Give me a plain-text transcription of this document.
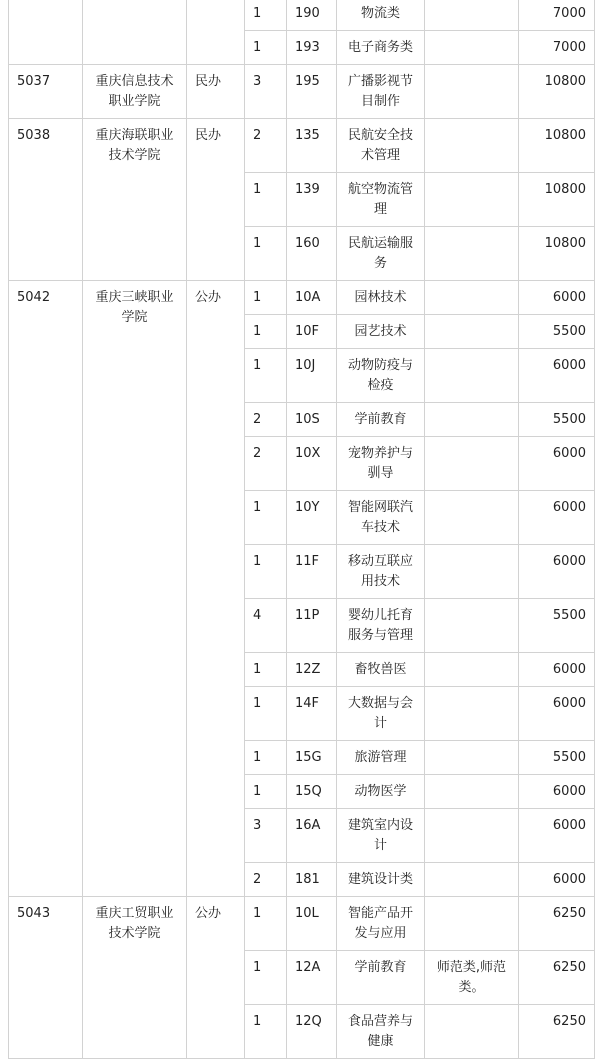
			1	190	物流类		7000
			1	193	电子商务类		7000
5037	重庆信息技术职业学院	民办	3	195	广播影视节目制作		10800
5038	重庆海联职业技术学院	民办	2	135	民航安全技术管理		10800
			1	139	航空物流管理		10800
			1	160	民航运输服务		10800
5042	重庆三峡职业学院	公办	1	10A	园林技术		6000
			1	10F	园艺技术		5500
			1	10J	动物防疫与检疫		6000
			2	10S	学前教育		5500
			2	10X	宠物养护与驯导		6000
			1	10Y	智能网联汽车技术		6000
			1	11F	移动互联应用技术		6000
			4	11P	婴幼儿托育服务与管理		5500
			1	12Z	畜牧兽医		6000
			1	14F	大数据与会计		6000
			1	15G	旅游管理		5500
			1	15Q	动物医学		6000
			3	16A	建筑室内设计		6000
			2	181	建筑设计类		6000
5043	重庆工贸职业技术学院	公办	1	10L	智能产品开发与应用		6250
			1	12A	学前教育	师范类,师范类。	6250
			1	12Q	食品营养与健康		6250
